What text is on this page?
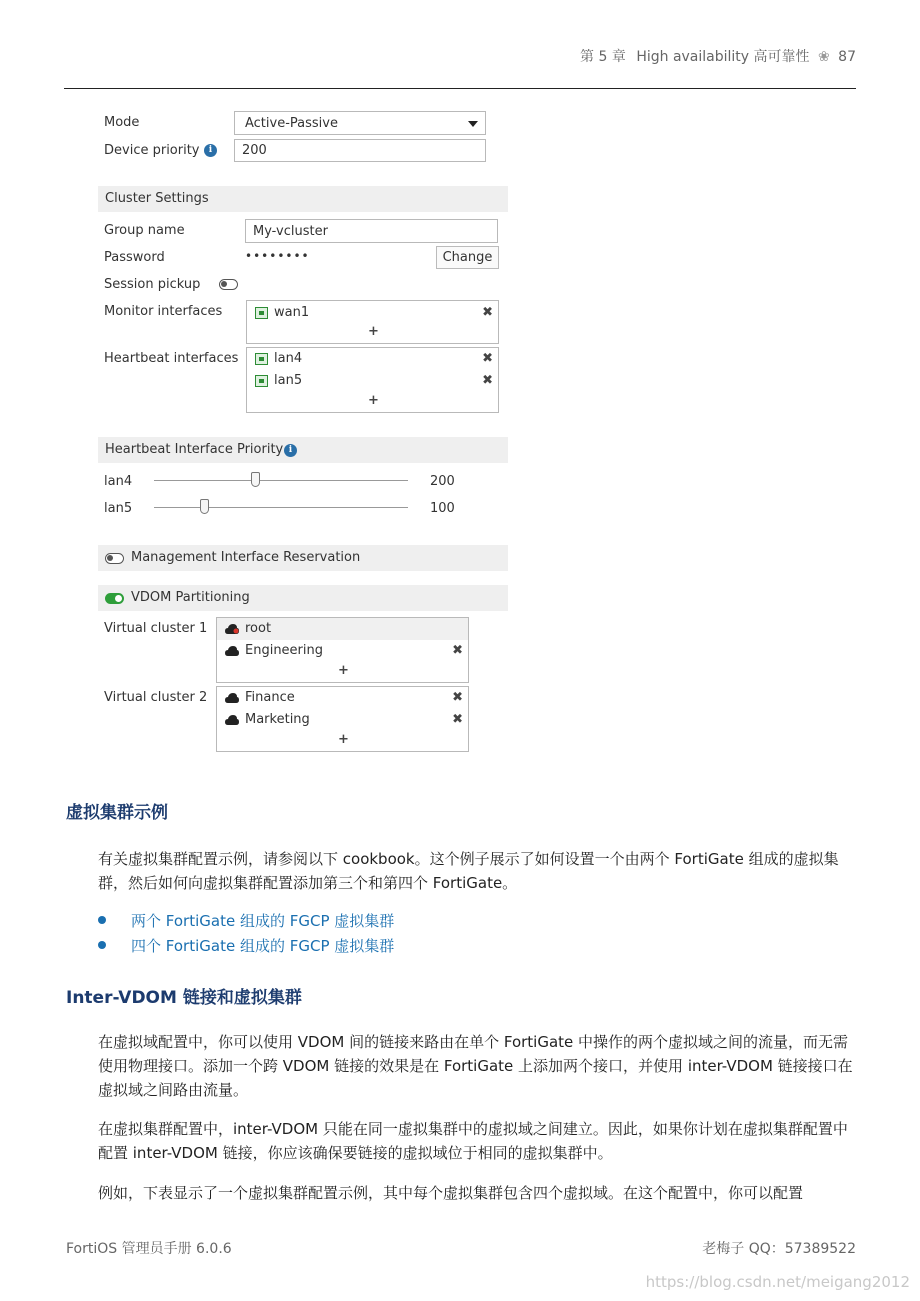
第 5 章 High availability 高可靠性 ❀ 87
Mode	Active-Passive
Device priority	i	200
Cluster Settings
Group name	My-vcluster
Password	••••••••	Change
Session pickup
Monitor interfaces	wan1	✖
+
Heartbeat interfaces	lan4	✖
lan5	✖
+
Heartbeat Interface Priority i
lan4	200
lan5	100
Management Interface Reservation
VDOM Partitioning
Virtual cluster 1	root
Engineering	✖
+
Virtual cluster 2	Finance	✖
Marketing	✖
+
虚拟集群示例

有关虚拟集群配置示例，请参阅以下 cookbook。这个例子展示了如何设置一个由两个 FortiGate 组成的虚拟集群，然后如何向虚拟集群配置添加第三个和第四个 FortiGate。

两个 FortiGate 组成的 FGCP 虚拟集群
四个 FortiGate 组成的 FGCP 虚拟集群
Inter-VDOM 链接和虚拟集群

在虚拟域配置中，你可以使用 VDOM 间的链接来路由在单个 FortiGate 中操作的两个虚拟域之间的流量，而无需使用物理接口。添加一个跨 VDOM 链接的效果是在 FortiGate 上添加两个接口，并使用 inter-VDOM 链接接口在虚拟域之间路由流量。

在虚拟集群配置中，inter-VDOM 只能在同一虚拟集群中的虚拟域之间建立。因此，如果你计划在虚拟集群配置中配置 inter-VDOM 链接，你应该确保要链接的虚拟域位于相同的虚拟集群中。

例如，下表显示了一个虚拟集群配置示例，其中每个虚拟集群包含四个虚拟域。在这个配置中，你可以配置

FortiOS 管理员手册 6.0.6	老梅子 QQ：57389522
https://blog.csdn.net/meigang2012
